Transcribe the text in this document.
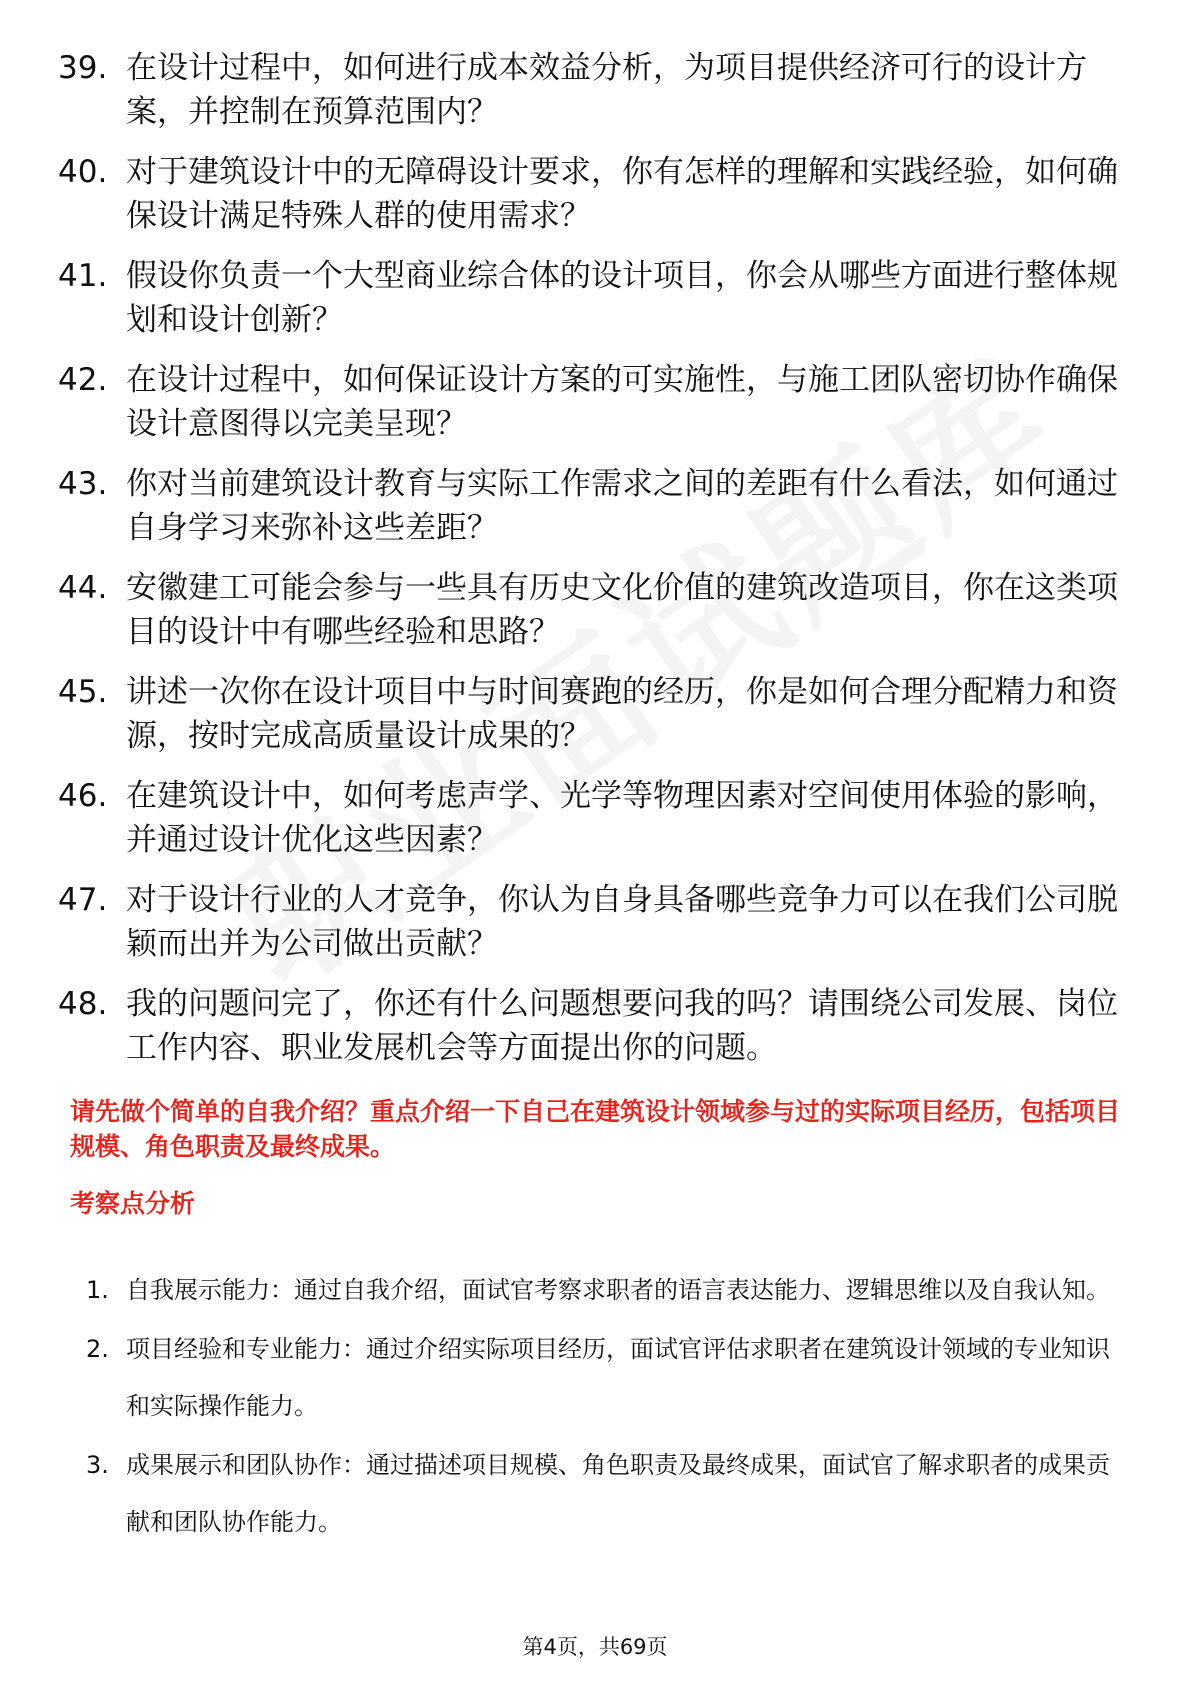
39. 在设计过程中，如何进行成本效益分析，为项目提供经济可行的设计方案，并控制在预算范围内？
40. 对于建筑设计中的无障碍设计要求，你有怎样的理解和实践经验，如何确保设计满足特殊人群的使用需求？
41. 假设你负责一个大型商业综合体的设计项目，你会从哪些方面进行整体规划和设计创新？
42. 在设计过程中，如何保证设计方案的可实施性，与施工团队密切协作确保设计意图得以完美呈现？
43. 你对当前建筑设计教育与实际工作需求之间的差距有什么看法，如何通过自身学习来弥补这些差距？
44. 安徽建工可能会参与一些具有历史文化价值的建筑改造项目，你在这类项目的设计中有哪些经验和思路？
45. 讲述一次你在设计项目中与时间赛跑的经历，你是如何合理分配精力和资源，按时完成高质量设计成果的？
46. 在建筑设计中，如何考虑声学、光学等物理因素对空间使用体验的影响，并通过设计优化这些因素？
47. 对于设计行业的人才竞争，你认为自身具备哪些竞争力可以在我们公司脱颖而出并为公司做出贡献？
48. 我的问题问完了，你还有什么问题想要问我的吗？请围绕公司发展、岗位工作内容、职业发展机会等方面提出你的问题。
请先做个简单的自我介绍？重点介绍一下自己在建筑设计领域参与过的实际项目经历，包括项目规模、角色职责及最终成果。
考察点分析
1. 自我展示能力：通过自我介绍，面试官考察求职者的语言表达能力、逻辑思维以及自我认知。
2. 项目经验和专业能力：通过介绍实际项目经历，面试官评估求职者在建筑设计领域的专业知识和实际操作能力。
3. 成果展示和团队协作：通过描述项目规模、角色职责及最终成果，面试官了解求职者的成果贡献和团队协作能力。
第4页，共69页
